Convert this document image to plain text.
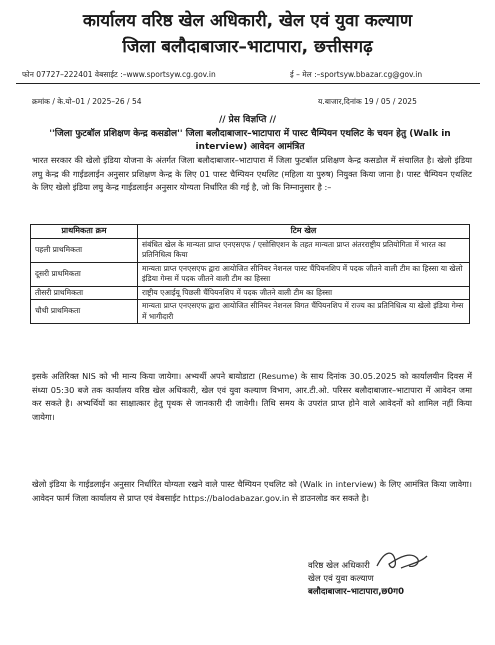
कार्यालय वरिष्ठ खेल अधिकारी, खेल एवं युवा कल्याण
जिला बलौदाबाजार–भाटापारा, छत्तीसगढ़
फोन 07727–222401 वेबसाईट :–www.sportsyw.cg.gov.in	ई – मेल :–sportsyw.bbazar.cg@gov.in
क्रमांक / के.यो–01 / 2025–26 / 54	य.बाजार,दिनांक 19 / 05 / 2025
// प्रेस विज्ञप्ति //
''जिला फुटबॉल प्रशिक्षण केन्द्र कसडोल'' जिला बलौदाबाजार–भाटापारा में पास्ट चैम्पियन एथलिट के चयन हेतु (Walk in interview) आवेदन आमंत्रित
भारत सरकार की खेलो इंडिया योजना के अंतर्गत जिला बलौदाबाजार–भाटापारा में जिला फुटबॉल प्रशिक्षण केन्द्र कसडोल में संचालित है। खेलो इंडिया लघु केन्द्र की गाईडलाईन अनुसार प्रशिक्षण केन्द्र के लिए 01 पास्ट चैम्पियन एथलिट (महिला या पुरुष) नियुक्त किया जाना है। पास्ट चैम्पियन एथलिट के लिए खेलो इंडिया लघु केन्द्र गाईडलाईन अनुसार योग्यता निर्धारित की गई है, जो कि निम्नानुसार है :–
प्राथमिकता क्रम	टिम खेल
पहली प्राथमिकता	संबंधित खेल के मान्यता प्राप्त एनएसएफ / एसोसिएशन के तहत मान्यता प्राप्त अंतरराष्ट्रीय प्रतियोगिता में भारत का प्रतिनिधित्व किया
दूसरी प्राथमिकता	मान्यता प्राप्त एनएसएफ द्वारा आयोजित सीनियर नेशनल पास्ट चैंपियनशिप में पदक जीतने वाली टीम का हिस्सा या खेलो इंडिया गेम्स में पदक जीतने वाली टीम का हिस्सा
तीसरी प्राथमिकता	राष्ट्रीय एआईयू पिछली चैंपियनशिप में पदक जीतने वाली टीम का हिस्सा
चौथी प्राथमिकता	मान्यता प्राप्त एनएसएफ द्वारा आयोजित सीनियर नेशनल विगत चैंपियनशिप में राज्य का प्रतिनिधित्व या खेलो इंडिया गेम्स में भागीदारी
इसके अतिरिक्त NIS को भी मान्य किया जायेगा। अभ्यर्थी अपने बायोडाटा (Resume) के साथ दिनांक 30.05.2025 को कार्यालयीन दिवस में संध्या 05:30 बजे तक कार्यालय वरिष्ठ खेल अधिकारी, खेल एवं युवा कल्याण विभाग, आर.टी.ओ. परिसर बलौदाबाजार–भाटापारा में आवेदन जमा कर सकते है। अभ्यर्थियों का साक्षात्कार हेतु पृथक से जानकारी दी जावेगी। तिथि समय के उपरांत प्राप्त होने वाले आवेदनों को शामिल नहीं किया जायेगा।
खेलो इंडिया के गाईडलाईन अनुसार निर्धारित योग्यता रखने वाले पास्ट चैम्पियन एथलिट को (Walk in interview) के लिए आमंत्रित किया जावेगा। आवेदन फार्म जिला कार्यालय से प्राप्त एवं वेबसाईट https://balodabazar.gov.in से डाउनलोड कर सकते है।
वरिष्ठ खेल अधिकारी
खेल एवं युवा कल्याण
बलौदाबाजार–भाटापारा,छ0ग0
